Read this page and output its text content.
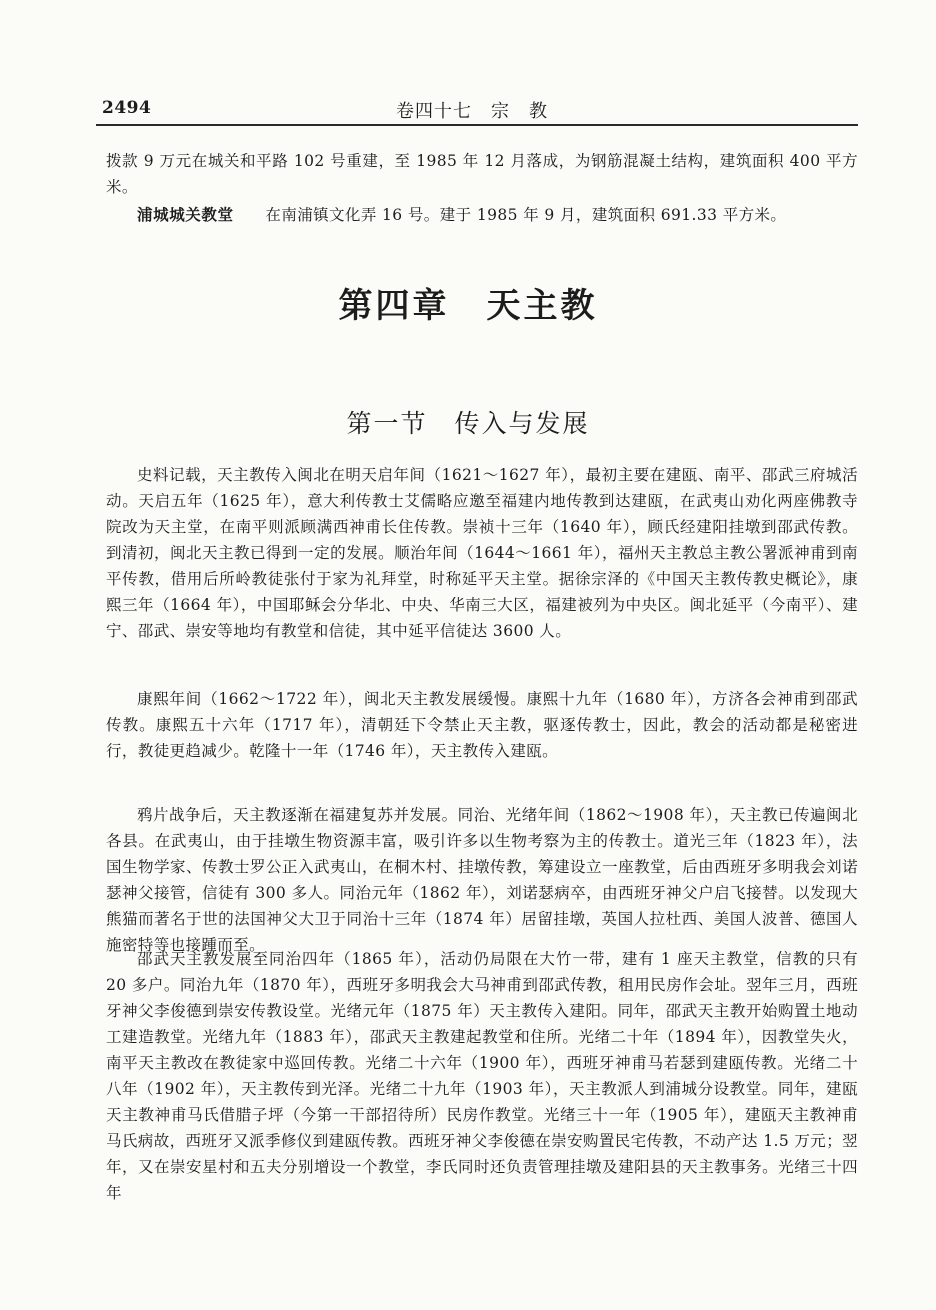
2494	卷四十七　宗　教

拨款 9 万元在城关和平路 102 号重建，至 1985 年 12 月落成，为钢筋混凝土结构，建筑面积 400 平方米。

浦城城关教堂　　 在南浦镇文化弄 16 号。建于 1985 年 9 月，建筑面积 691.33 平方米。

第四章　天主教
第一节　传入与发展

史料记载，天主教传入闽北在明天启年间（1621～1627 年），最初主要在建瓯、南平、邵武三府城活动。天启五年（1625 年），意大利传教士艾儒略应邀至福建内地传教到达建瓯，在武夷山劝化两座佛教寺院改为天主堂，在南平则派顾满西神甫长住传教。崇祯十三年（1640 年），顾氏经建阳挂墩到邵武传教。到清初，闽北天主教已得到一定的发展。顺治年间（1644～1661 年），福州天主教总主教公署派神甫到南平传教，借用后所岭教徒张付于家为礼拜堂，时称延平天主堂。据徐宗泽的《中国天主教传教史概论》，康熙三年（1664 年），中国耶稣会分华北、中央、华南三大区，福建被列为中央区。闽北延平（今南平）、建宁、邵武、崇安等地均有教堂和信徒，其中延平信徒达 3600 人。

康熙年间（1662～1722 年），闽北天主教发展缓慢。康熙十九年（1680 年），方济各会神甫到邵武传教。康熙五十六年（1717 年），清朝廷下令禁止天主教，驱逐传教士，因此，教会的活动都是秘密进行，教徒更趋减少。乾隆十一年（1746 年），天主教传入建瓯。

鸦片战争后，天主教逐渐在福建复苏并发展。同治、光绪年间（1862～1908 年），天主教已传遍闽北各县。在武夷山，由于挂墩生物资源丰富，吸引许多以生物考察为主的传教士。道光三年（1823 年），法国生物学家、传教士罗公正入武夷山，在桐木村、挂墩传教，筹建设立一座教堂，后由西班牙多明我会刘诺瑟神父接管，信徒有 300 多人。同治元年（1862 年），刘诺瑟病卒，由西班牙神父户启飞接替。以发现大熊猫而著名于世的法国神父大卫于同治十三年（1874 年）居留挂墩，英国人拉杜西、美国人波普、德国人施密特等也接踵而至。

邵武天主教发展至同治四年（1865 年），活动仍局限在大竹一带，建有 1 座天主教堂，信教的只有 20 多户。同治九年（1870 年），西班牙多明我会大马神甫到邵武传教，租用民房作会址。翌年三月，西班牙神父李俊德到崇安传教设堂。光绪元年（1875 年）天主教传入建阳。同年，邵武天主教开始购置土地动工建造教堂。光绪九年（1883 年），邵武天主教建起教堂和住所。光绪二十年（1894 年），因教堂失火，南平天主教改在教徒家中巡回传教。光绪二十六年（1900 年），西班牙神甫马若瑟到建瓯传教。光绪二十八年（1902 年），天主教传到光泽。光绪二十九年（1903 年），天主教派人到浦城分设教堂。同年，建瓯天主教神甫马氏借腊子坪（今第一干部招待所）民房作教堂。光绪三十一年（1905 年），建瓯天主教神甫马氏病故，西班牙又派季修仪到建瓯传教。西班牙神父李俊德在崇安购置民宅传教，不动产达 1.5 万元；翌年，又在崇安星村和五夫分别增设一个教堂，李氏同时还负责管理挂墩及建阳县的天主教事务。光绪三十四年
